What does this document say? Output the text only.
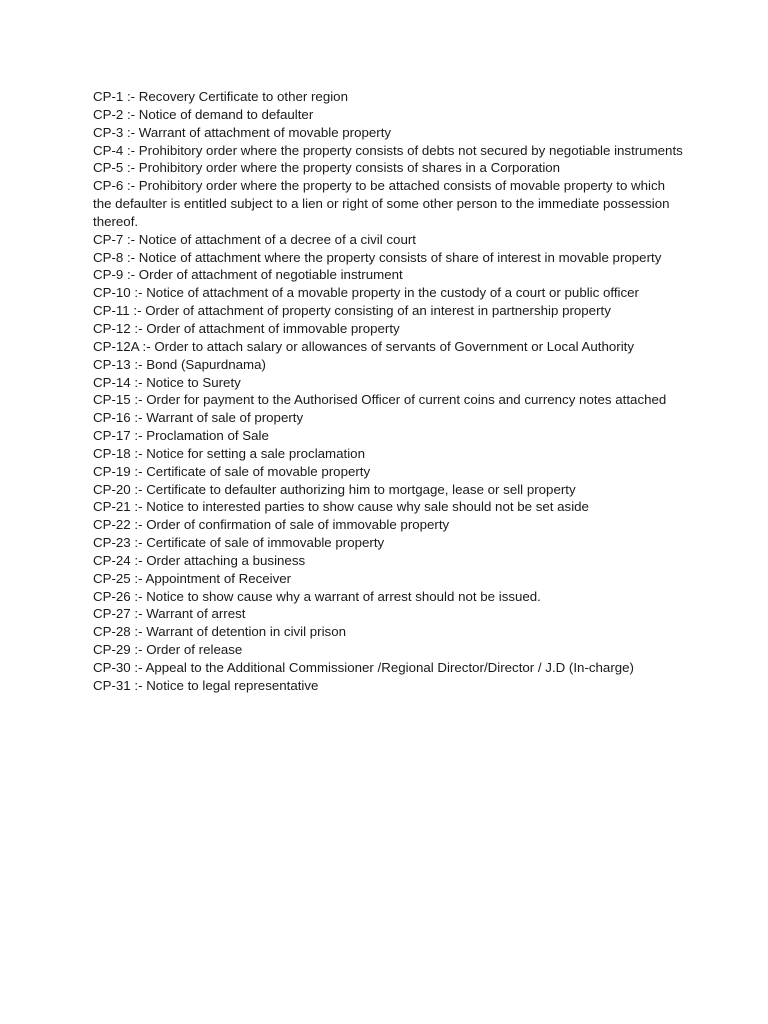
CP-1 :- Recovery Certificate to other region

CP-2 :- Notice of demand to defaulter

CP-3 :- Warrant of attachment of movable property

CP-4 :- Prohibitory order where the property consists of debts not secured by negotiable instruments

CP-5 :- Prohibitory order where the property consists of shares in a Corporation

CP-6 :- Prohibitory order where the property to be attached consists of movable property to which the defaulter is entitled subject to a lien or right of some other person to the immediate possession thereof.

CP-7 :- Notice of attachment of a decree of a civil court

CP-8 :- Notice of attachment where the property consists of share of interest in movable property

CP-9 :- Order of attachment of negotiable instrument

CP-10 :- Notice of attachment of a movable property in the custody of a court or public officer

CP-11 :- Order of attachment of property consisting of an interest in partnership property

CP-12 :- Order of attachment of immovable property

CP-12A :- Order to attach salary or allowances of servants of Government or Local Authority

CP-13 :- Bond (Sapurdnama)

CP-14 :- Notice to Surety

CP-15 :- Order for payment to the Authorised Officer of current coins and currency notes attached

CP-16 :- Warrant of sale of property

CP-17 :- Proclamation of Sale

CP-18 :- Notice for setting a sale proclamation

CP-19 :- Certificate of sale of movable property

CP-20 :- Certificate to defaulter authorizing him to mortgage, lease or sell property

CP-21 :- Notice to interested parties to show cause why sale should not be set aside

CP-22 :- Order of confirmation of sale of immovable property

CP-23 :- Certificate of sale of immovable property

CP-24 :- Order attaching a business

CP-25 :- Appointment of Receiver

CP-26 :- Notice to show cause why a warrant of arrest should not be issued.

CP-27 :- Warrant of arrest

CP-28 :- Warrant of detention in civil prison

CP-29 :- Order of release

CP-30 :- Appeal to the Additional Commissioner /Regional Director/Director / J.D (In-charge)

CP-31 :- Notice to legal representative
